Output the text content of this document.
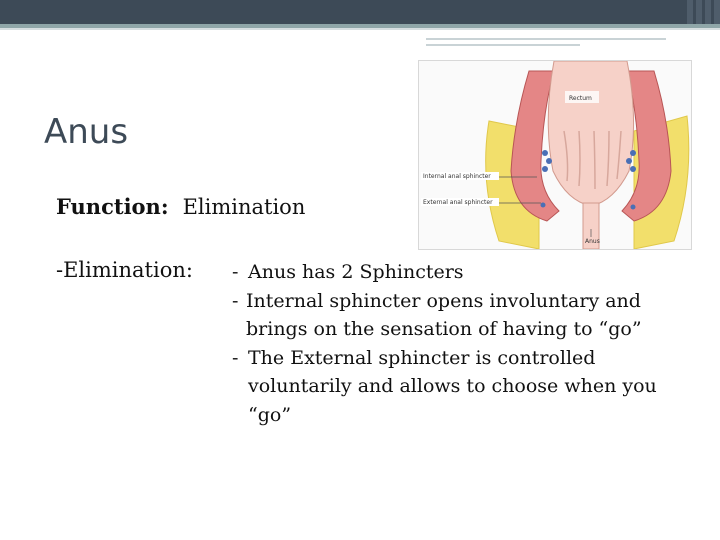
Anus
Function: Elimination
-Elimination: - Anus has 2 Sphincters
- Internal sphincter opens involuntary and brings on the sensation of having to “go”
- The External sphincter is controlled voluntarily and allows to choose when you “go”
Rectum
Internal anal sphincter
External anal sphincter
Anus
